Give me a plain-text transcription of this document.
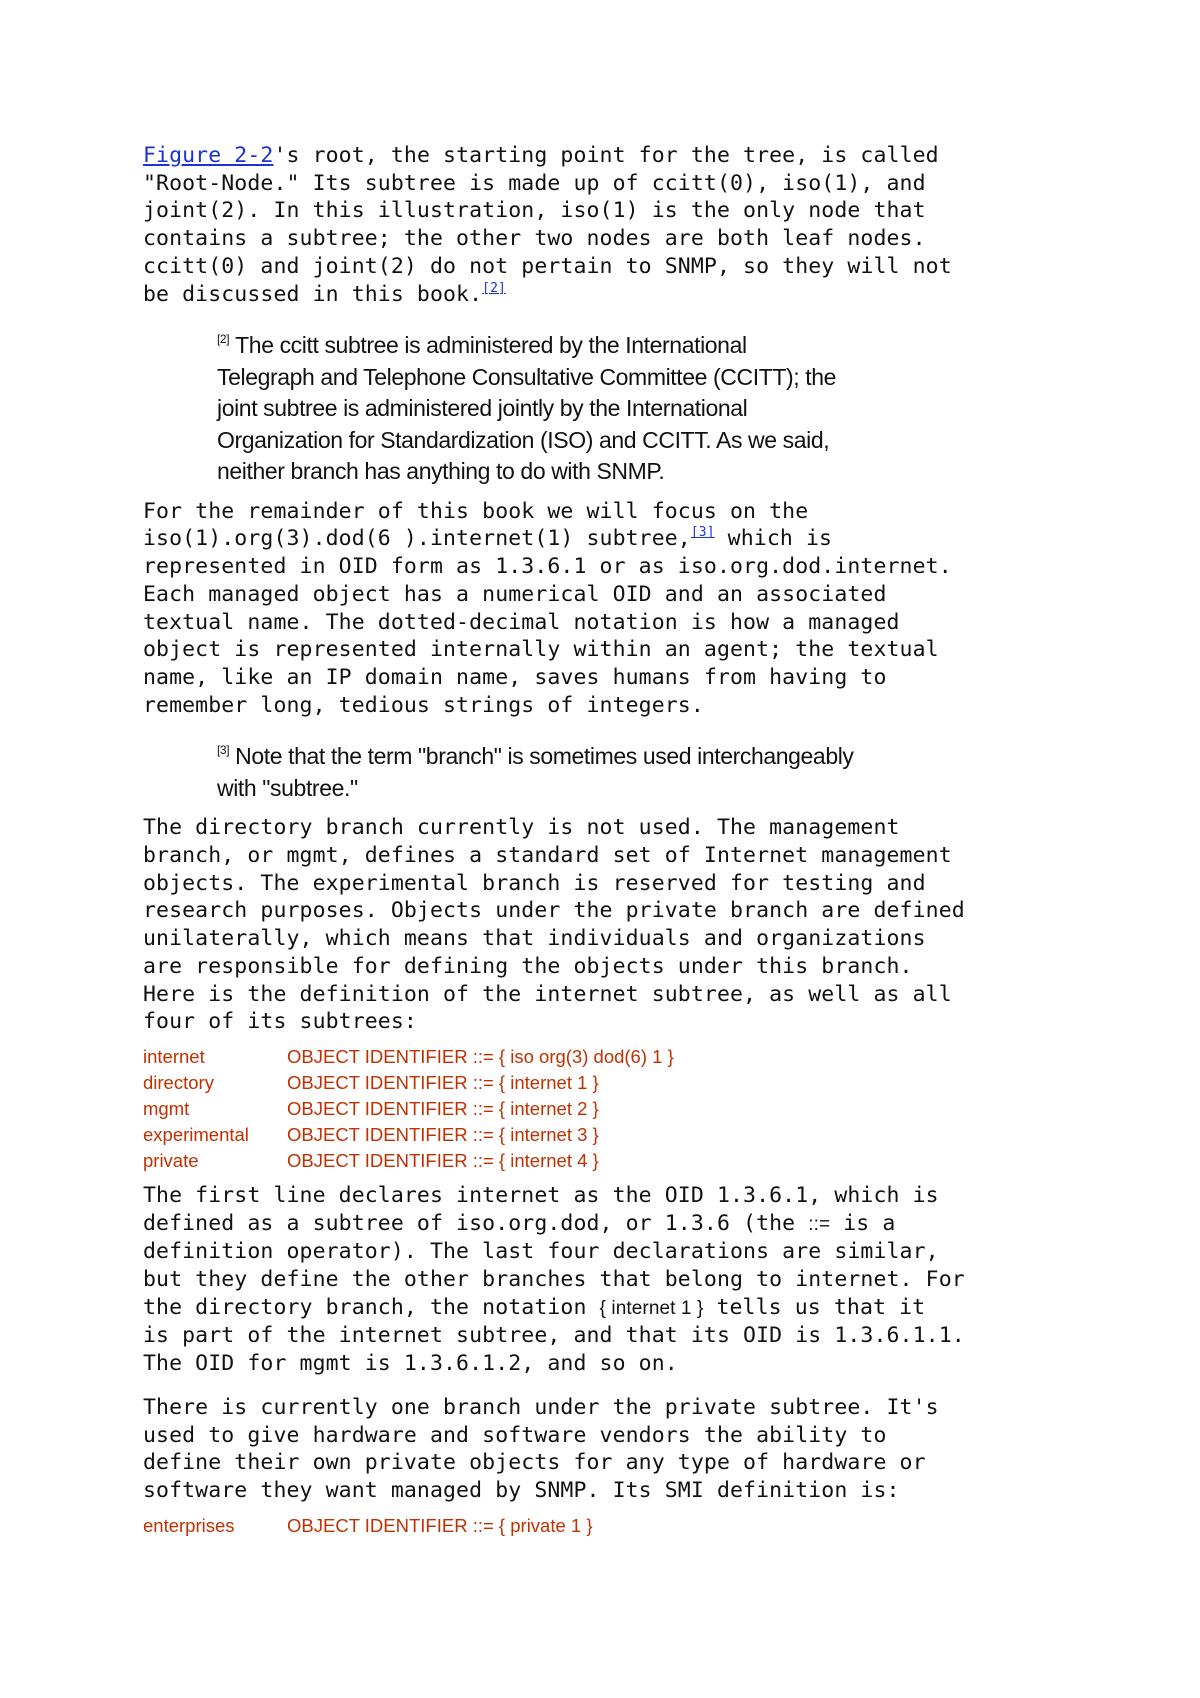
Figure 2-2's root, the starting point for the tree, is called
"Root-Node." Its subtree is made up of ccitt(0), iso(1), and
joint(2). In this illustration, iso(1) is the only node that
contains a subtree; the other two nodes are both leaf nodes.
ccitt(0) and joint(2) do not pertain to SNMP, so they will not
be discussed in this book.[2]
[2] The ccitt subtree is administered by the International
Telegraph and Telephone Consultative Committee (CCITT); the
joint subtree is administered jointly by the International
Organization for Standardization (ISO) and CCITT. As we said,
neither branch has anything to do with SNMP.
For the remainder of this book we will focus on the
iso(1).org(3).dod(6 ).internet(1) subtree,[3] which is
represented in OID form as 1.3.6.1 or as iso.org.dod.internet.
Each managed object has a numerical OID and an associated
textual name. The dotted-decimal notation is how a managed
object is represented internally within an agent; the textual
name, like an IP domain name, saves humans from having to
remember long, tedious strings of integers.
[3] Note that the term "branch" is sometimes used interchangeably
with "subtree."
The directory branch currently is not used. The management
branch, or mgmt, defines a standard set of Internet management
objects. The experimental branch is reserved for testing and
research purposes. Objects under the private branch are defined
unilaterally, which means that individuals and organizations
are responsible for defining the objects under this branch.
Here is the definition of the internet subtree, as well as all
four of its subtrees:
internet	OBJECT IDENTIFIER ::= { iso org(3) dod(6) 1 }
directory	OBJECT IDENTIFIER ::= { internet 1 }
mgmt	OBJECT IDENTIFIER ::= { internet 2 }
experimental	OBJECT IDENTIFIER ::= { internet 3 }
private	OBJECT IDENTIFIER ::= { internet 4 }
The first line declares internet as the OID 1.3.6.1, which is
defined as a subtree of iso.org.dod, or 1.3.6 (the ::= is a
definition operator). The last four declarations are similar,
but they define the other branches that belong to internet. For
the directory branch, the notation { internet 1 } tells us that it
is part of the internet subtree, and that its OID is 1.3.6.1.1.
The OID for mgmt is 1.3.6.1.2, and so on.
There is currently one branch under the private subtree. It's
used to give hardware and software vendors the ability to
define their own private objects for any type of hardware or
software they want managed by SNMP. Its SMI definition is:
enterprises	OBJECT IDENTIFIER ::= { private 1 }
